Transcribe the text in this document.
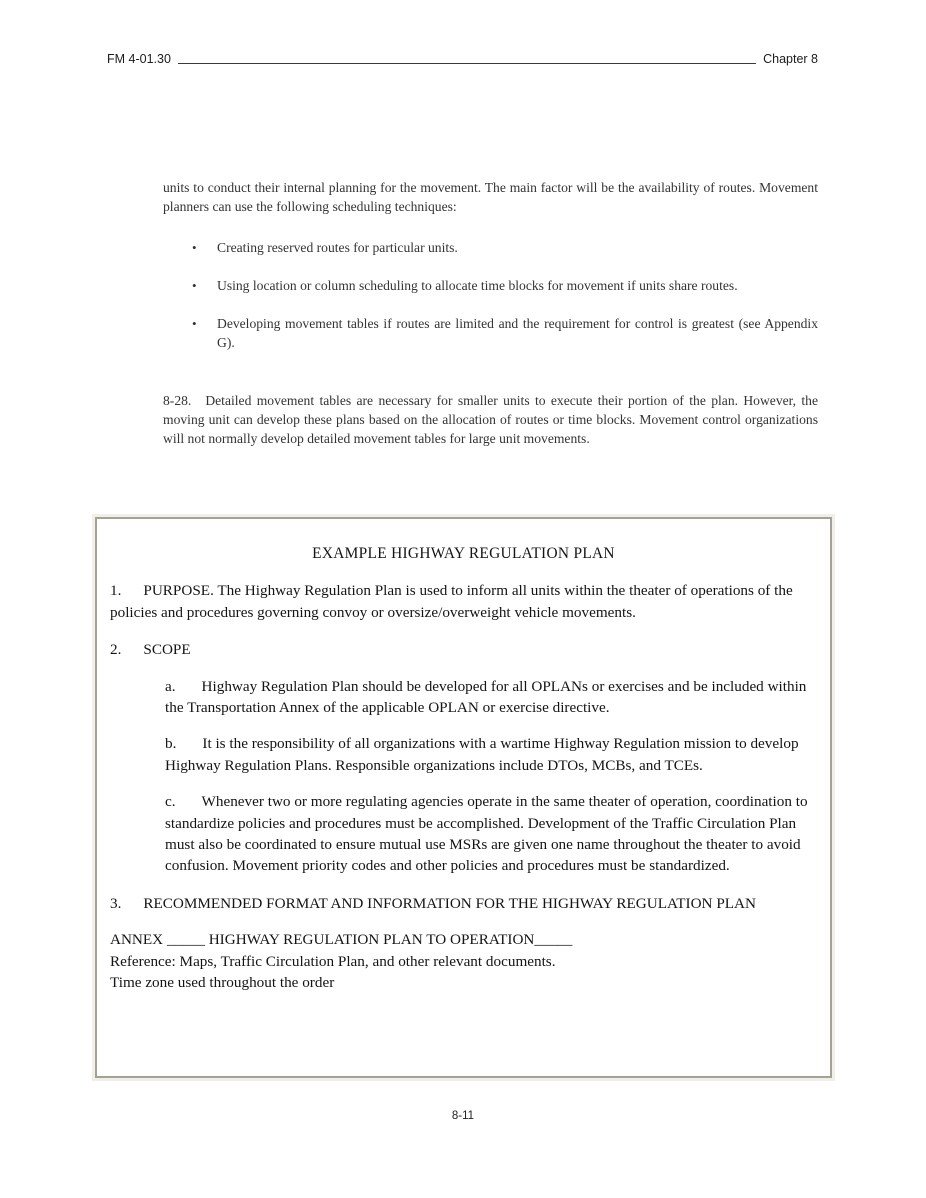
FM 4-01.30	Chapter 8

units to conduct their internal planning for the movement. The main factor will be the availability of routes. Movement planners can use the following scheduling techniques:

•
Creating reserved routes for particular units.
•
Using location or column scheduling to allocate time blocks for movement if units share routes.
•
Developing movement tables if routes are limited and the requirement for control is greatest (see Appendix G).

8-28. Detailed movement tables are necessary for smaller units to execute their portion of the plan. However, the moving unit can develop these plans based on the allocation of routes or time blocks. Movement control organizations will not normally develop detailed movement tables for large unit movements.

EXAMPLE HIGHWAY REGULATION PLAN

1. PURPOSE. The Highway Regulation Plan is used to inform all units within the theater of operations of the policies and procedures governing convoy or oversize/overweight vehicle movements.

2. SCOPE

a. Highway Regulation Plan should be developed for all OPLANs or exercises and be included within the Transportation Annex of the applicable OPLAN or exercise directive.

b. It is the responsibility of all organizations with a wartime Highway Regulation mission to develop Highway Regulation Plans. Responsible organizations include DTOs, MCBs, and TCEs.

c. Whenever two or more regulating agencies operate in the same theater of operation, coordination to standardize policies and procedures must be accomplished. Development of the Traffic Circulation Plan must also be coordinated to ensure mutual use MSRs are given one name throughout the theater to avoid confusion. Movement priority codes and other policies and procedures must be standardized.

3. RECOMMENDED FORMAT AND INFORMATION FOR THE HIGHWAY REGULATION PLAN

ANNEX _____ HIGHWAY REGULATION PLAN TO OPERATION_____

Reference: Maps, Traffic Circulation Plan, and other relevant documents.

Time zone used throughout the order

8-11
